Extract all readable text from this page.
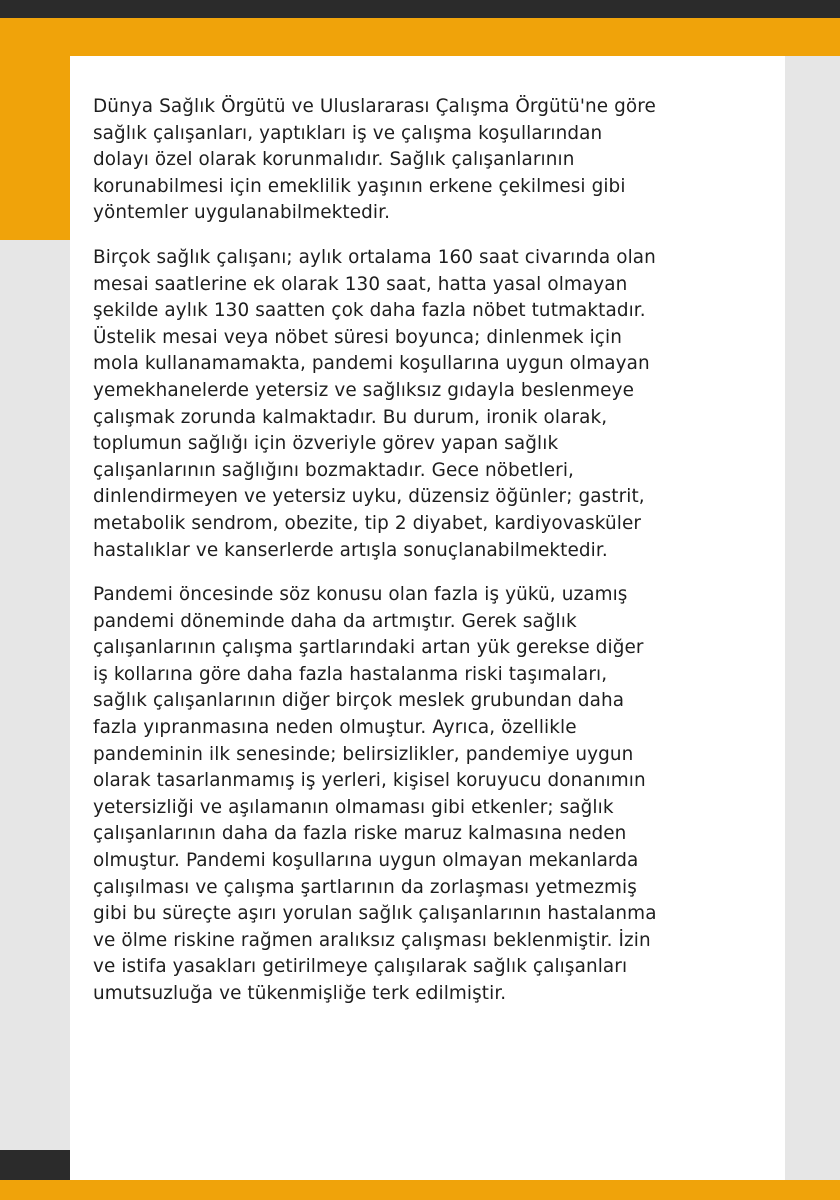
Dünya Sağlık Örgütü ve Uluslararası Çalışma Örgütü'ne göre
sağlık çalışanları, yaptıkları iş ve çalışma koşullarından
dolayı özel olarak korunmalıdır. Sağlık çalışanlarının
korunabilmesi için emeklilik yaşının erkene çekilmesi gibi
yöntemler uygulanabilmektedir.

Birçok sağlık çalışanı; aylık ortalama 160 saat civarında olan
mesai saatlerine ek olarak 130 saat, hatta yasal olmayan
şekilde aylık 130 saatten çok daha fazla nöbet tutmaktadır.
Üstelik mesai veya nöbet süresi boyunca; dinlenmek için
mola kullanamamakta, pandemi koşullarına uygun olmayan
yemekhanelerde yetersiz ve sağlıksız gıdayla beslenmeye
çalışmak zorunda kalmaktadır. Bu durum, ironik olarak,
toplumun sağlığı için özveriyle görev yapan sağlık
çalışanlarının sağlığını bozmaktadır. Gece nöbetleri,
dinlendirmeyen ve yetersiz uyku, düzensiz öğünler; gastrit,
metabolik sendrom, obezite, tip 2 diyabet, kardiyovasküler
hastalıklar ve kanserlerde artışla sonuçlanabilmektedir.

Pandemi öncesinde söz konusu olan fazla iş yükü, uzamış
pandemi döneminde daha da artmıştır. Gerek sağlık
çalışanlarının çalışma şartlarındaki artan yük gerekse diğer
iş kollarına göre daha fazla hastalanma riski taşımaları,
sağlık çalışanlarının diğer birçok meslek grubundan daha
fazla yıpranmasına neden olmuştur. Ayrıca, özellikle
pandeminin ilk senesinde; belirsizlikler, pandemiye uygun
olarak tasarlanmamış iş yerleri, kişisel koruyucu donanımın
yetersizliği ve aşılamanın olmaması gibi etkenler; sağlık
çalışanlarının daha da fazla riske maruz kalmasına neden
olmuştur. Pandemi koşullarına uygun olmayan mekanlarda
çalışılması ve çalışma şartlarının da zorlaşması yetmezmiş
gibi bu süreçte aşırı yorulan sağlık çalışanlarının hastalanma
ve ölme riskine rağmen aralıksız çalışması beklenmiştir. İzin
ve istifa yasakları getirilmeye çalışılarak sağlık çalışanları
umutsuzluğa ve tükenmişliğe terk edilmiştir.
